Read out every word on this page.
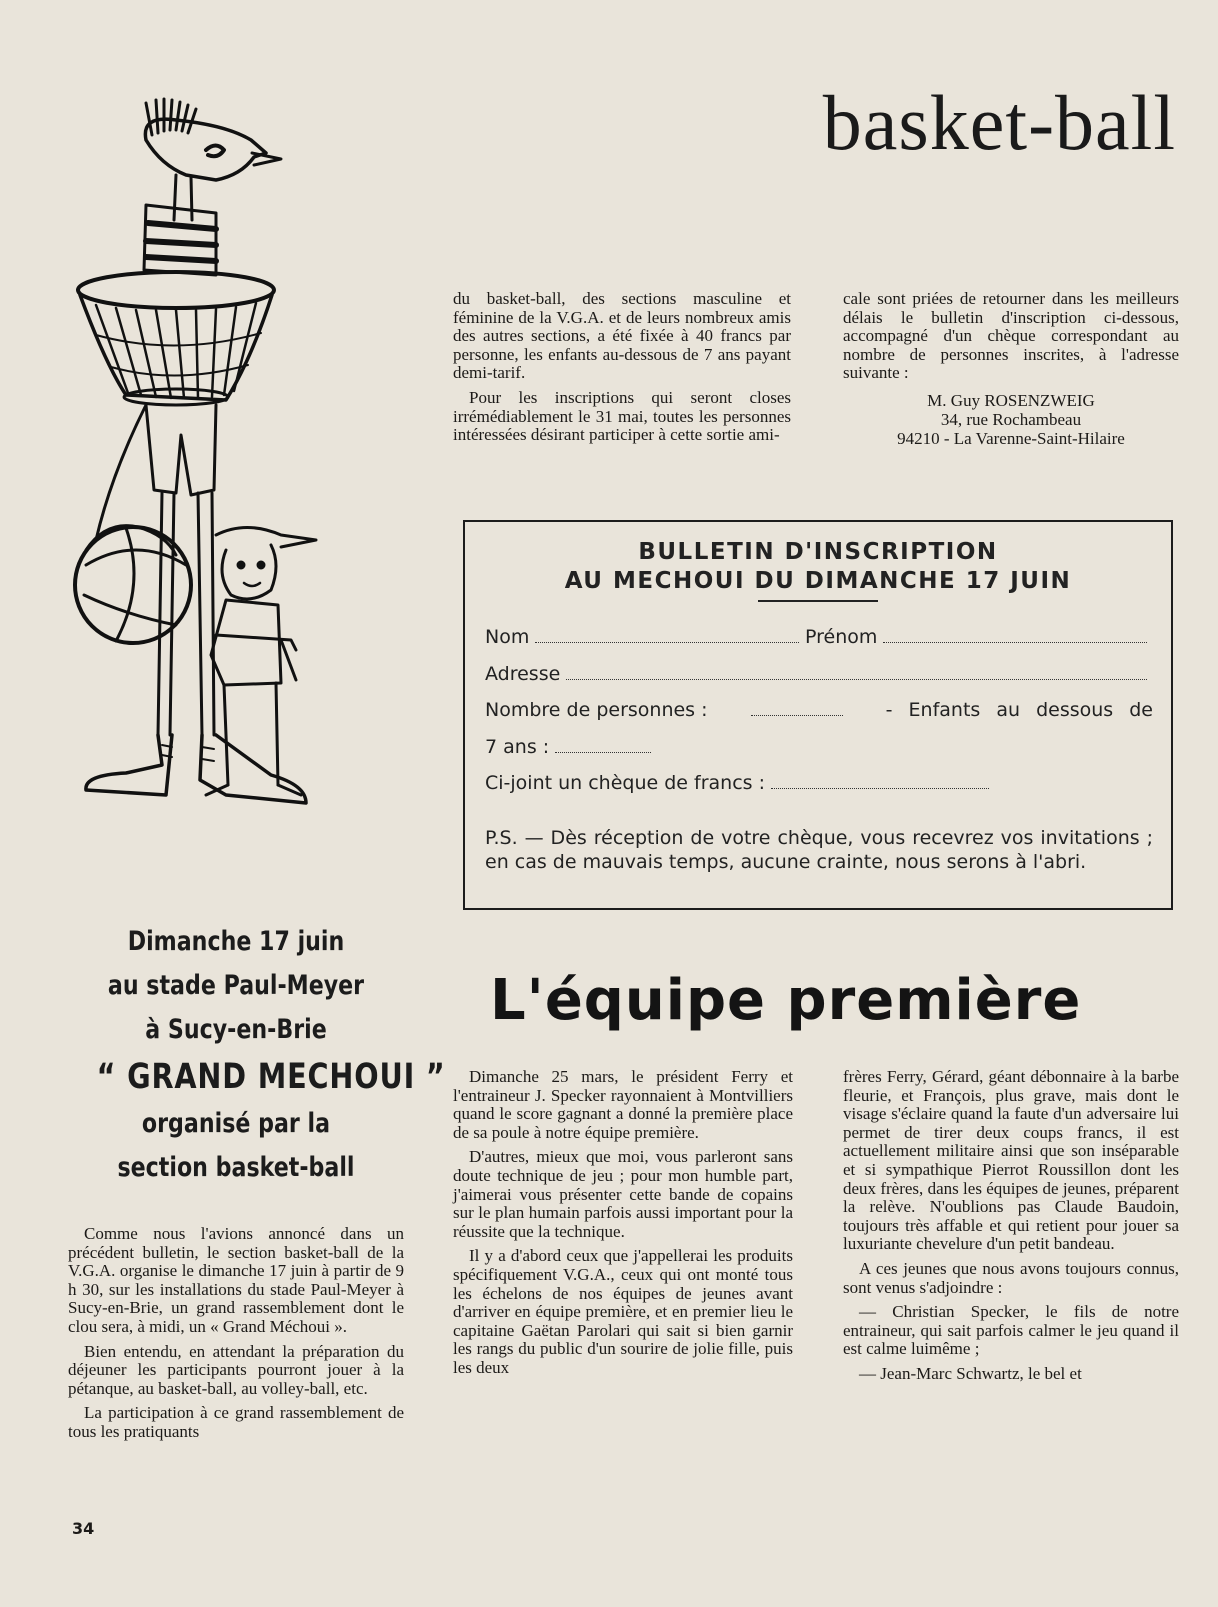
basket-ball

du basket-ball, des sections masculine et féminine de la V.G.A. et de leurs nombreux amis des autres sections, a été fixée à 40 francs par personne, les enfants au-dessous de 7 ans payant demi-tarif.

Pour les inscriptions qui seront closes irrémédiablement le 31 mai, toutes les personnes intéressées désirant participer à cette sortie ami-

cale sont priées de retourner dans les meilleurs délais le bulletin d'inscription ci-dessous, accompagné d'un chèque correspondant au nombre de personnes inscrites, à l'adresse suivante :

M. Guy ROSENZWEIG
34, rue Rochambeau
94210 - La Varenne-Saint-Hilaire
BULLETIN D'INSCRIPTION
AU MECHOUI DU DIMANCHE 17 JUIN
Nom	Prénom
Adresse
Nombre de personnes :	- Enfants au dessous de
7 ans :
Ci-joint un chèque de francs :
P.S. — Dès réception de votre chèque, vous recevrez vos invitations ; en cas de mauvais temps, aucune crainte, nous serons à l'abri.
Dimanche 17 juin
au stade Paul-Meyer
à Sucy-en-Brie
“ GRAND MECHOUI ”
organisé par la
section basket-ball

Comme nous l'avions annoncé dans un précédent bulletin, le section basket-ball de la V.G.A. organise le dimanche 17 juin à partir de 9 h 30, sur les installations du stade Paul-Meyer à Sucy-en-Brie, un grand rassemblement dont le clou sera, à midi, un « Grand Méchoui ».

Bien entendu, en attendant la préparation du déjeuner les participants pourront jouer à la pétanque, au basket-ball, au volley-ball, etc.

La participation à ce grand rassemblement de tous les pratiquants

L'équipe première

Dimanche 25 mars, le président Ferry et l'entraineur J. Specker rayonnaient à Montvilliers quand le score gagnant a donné la première place de sa poule à notre équipe première.

D'autres, mieux que moi, vous parleront sans doute technique de jeu ; pour mon humble part, j'aimerai vous présenter cette bande de copains sur le plan humain parfois aussi important pour la réussite que la technique.

Il y a d'abord ceux que j'appellerai les produits spécifiquement V.G.A., ceux qui ont monté tous les échelons de nos équipes de jeunes avant d'arriver en équipe première, et en premier lieu le capitaine Gaëtan Parolari qui sait si bien garnir les rangs du public d'un sourire de jolie fille, puis les deux

frères Ferry, Gérard, géant débonnaire à la barbe fleurie, et François, plus grave, mais dont le visage s'éclaire quand la faute d'un adversaire lui permet de tirer deux coups francs, il est actuellement militaire ainsi que son inséparable et si sympathique Pierrot Roussillon dont les deux frères, dans les équipes de jeunes, préparent la relève. N'oublions pas Claude Baudoin, toujours très affable et qui retient pour jouer sa luxuriante chevelure d'un petit bandeau.

A ces jeunes que nous avons toujours connus, sont venus s'adjoindre :

— Christian Specker, le fils de notre entraineur, qui sait parfois calmer le jeu quand il est calme luimême ;

— Jean-Marc Schwartz, le bel et

34
